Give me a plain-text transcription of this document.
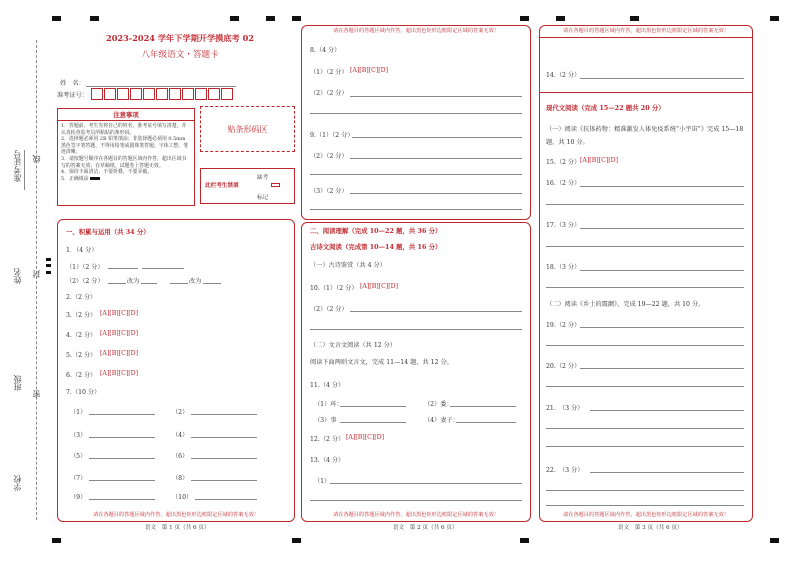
准考证号 线
姓名 封
班级
密
学校
2023-2024 学年下学期开学摸底考 02
八年级语文・答题卡
姓　名：
准考证号：
注意事项
1．答题前，考生先将自己的姓名，准考证号填写清楚，并认真检查监考员所粘贴的条形码。
2．选择题必须用 2B 铅笔填涂；非选择题必须用 0.5mm 黑色签字笔答题，不得用铅笔或圆珠笔答题；字体工整、笔迹清晰。
3．请按题号顺序在各题目的答题区域内作答，超出区域书写的答案无效；在草稿纸、试题卷上答题无效。
4．保持卡面清洁，不要折叠、不要弄破。
5．正确填涂
贴条形码区
此栏考生禁填
缺考
标记
一、积累与运用（共 34 分）
1．（4 分）
（1）（2 分）
（2）（2 分）	改为	改为
2.（2 分）
3.（2 分） [A][B][C][D]
4.（2 分） [A][B][C][D]
5.（2 分） [A][B][C][D]
6.（2 分） [A][B][C][D]
7.（10 分）
（1）	（2）
（3）	（4）
（5）	（6）
（7）	（8）
（9）	（10）
请在各题目的答题区域内作答，超出黑色矩形边框限定区域的答案无效！
语文　第 1 页（共 6 页）
请在各题目的答题区域内作答，超出黑色矩形边框限定区域的答案无效！
8.（4 分）
（1）（2 分） [A][B][C][D]
（2）（2 分）
9.（1）（2 分）
（2）（2 分）
（3）（2 分）
二、阅读理解（完成 10—22 题，共 36 分）
古诗文阅读（完成第 10—14 题，共 16 分）
（一）古诗鉴赏（共 4 分）
10.（1）（2 分） [A][B][C][D]
（2）（2 分）
（二）文言文阅读（共 12 分）
阅读下面两则文言文，完成 11—14 题，共 12 分。
11.（4 分）
（1）环：	（2）委：
（3）事	（4）妻子：
12.（2 分） [A][B][C][D]
13.（4 分）
（1）
请在各题目的答题区域内作答，超出黑色矩形边框限定区域的答案无效！
语文　第 2 页（共 6 页）
请在各题目的答题区域内作答，超出黑色矩形边框限定区域的答案无效！
14.（2 分）
现代文阅读（完成 15—22 题共 20 分）
（一）阅读《抗体药物：精准激发人体免疫系统“小宇宙”》完成 15—18 题，共 10 分。
15.（2 分） [A][B][C][D]
16.（2 分）
17.（3 分）
18.（3 分）
（二）阅读《乡土的震颤》，完成 19—22 题，共 10 分。
19.（2 分）
20.（2 分）
21.　（3 分）
22.　（3 分）
请在各题目的答题区域内作答，超出黑色矩形边框限定区域的答案无效！
语文　第 3 页（共 6 页）
